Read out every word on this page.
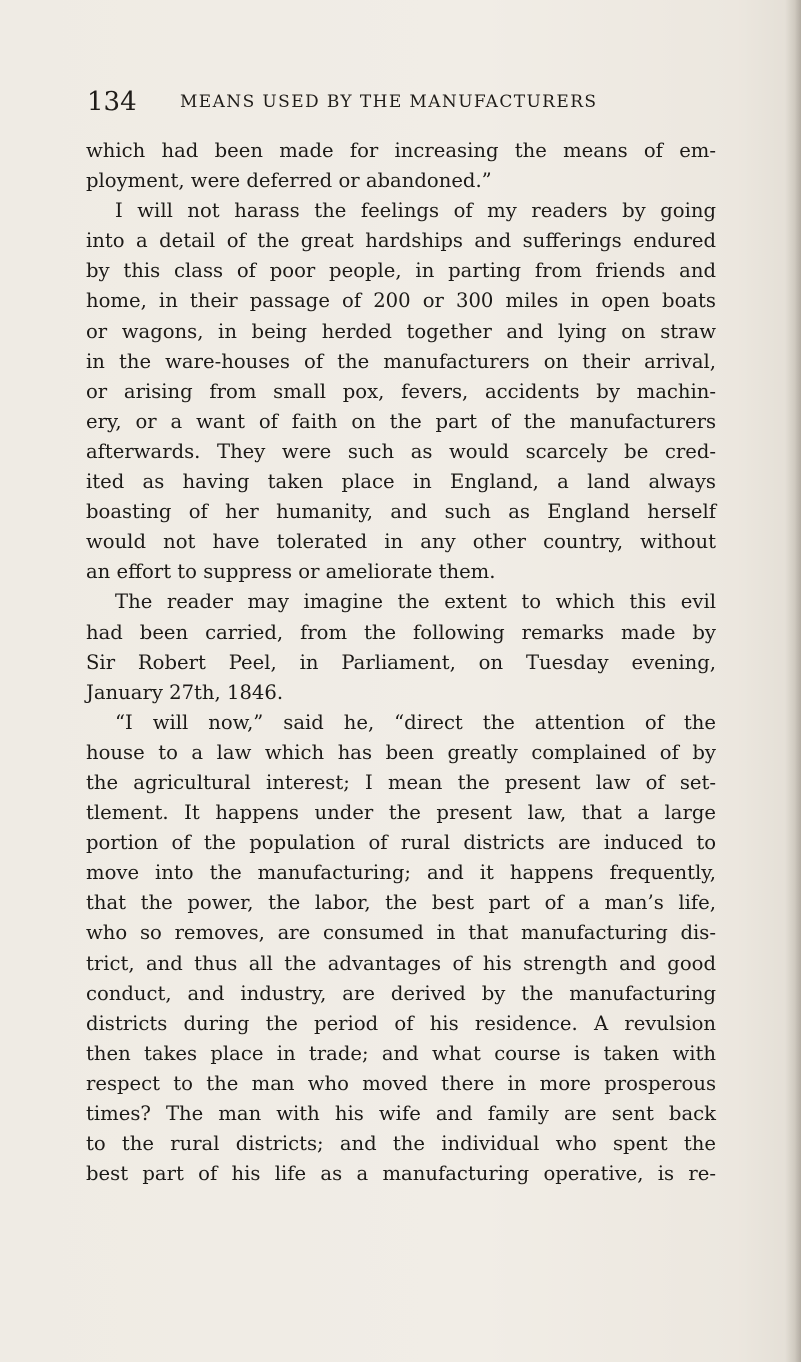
134	MEANS USED BY THE MANUFACTURERS
which had been made for increasing the means of em-
ployment, were deferred or abandoned.”
I will not harass the feelings of my readers by going
into a detail of the great hardships and sufferings endured
by this class of poor people, in parting from friends and
home, in their passage of 200 or 300 miles in open boats
or wagons, in being herded together and lying on straw
in the ware-houses of the manufacturers on their arrival,
or arising from small pox, fevers, accidents by machin-
ery, or a want of faith on the part of the manufacturers
afterwards. They were such as would scarcely be cred-
ited as having taken place in England, a land always
boasting of her humanity, and such as England herself
would not have tolerated in any other country, without
an effort to suppress or ameliorate them.
The reader may imagine the extent to which this evil
had been carried, from the following remarks made by
Sir Robert Peel, in Parliament, on Tuesday evening,
January 27th, 1846.
“I will now,” said he, “direct the attention of the
house to a law which has been greatly complained of by
the agricultural interest; I mean the present law of set-
tlement. It happens under the present law, that a large
portion of the population of rural districts are induced to
move into the manufacturing; and it happens frequently,
that the power, the labor, the best part of a man’s life,
who so removes, are consumed in that manufacturing dis-
trict, and thus all the advantages of his strength and good
conduct, and industry, are derived by the manufacturing
districts during the period of his residence. A revulsion
then takes place in trade; and what course is taken with
respect to the man who moved there in more prosperous
times? The man with his wife and family are sent back
to the rural districts; and the individual who spent the
best part of his life as a manufacturing operative, is re-
